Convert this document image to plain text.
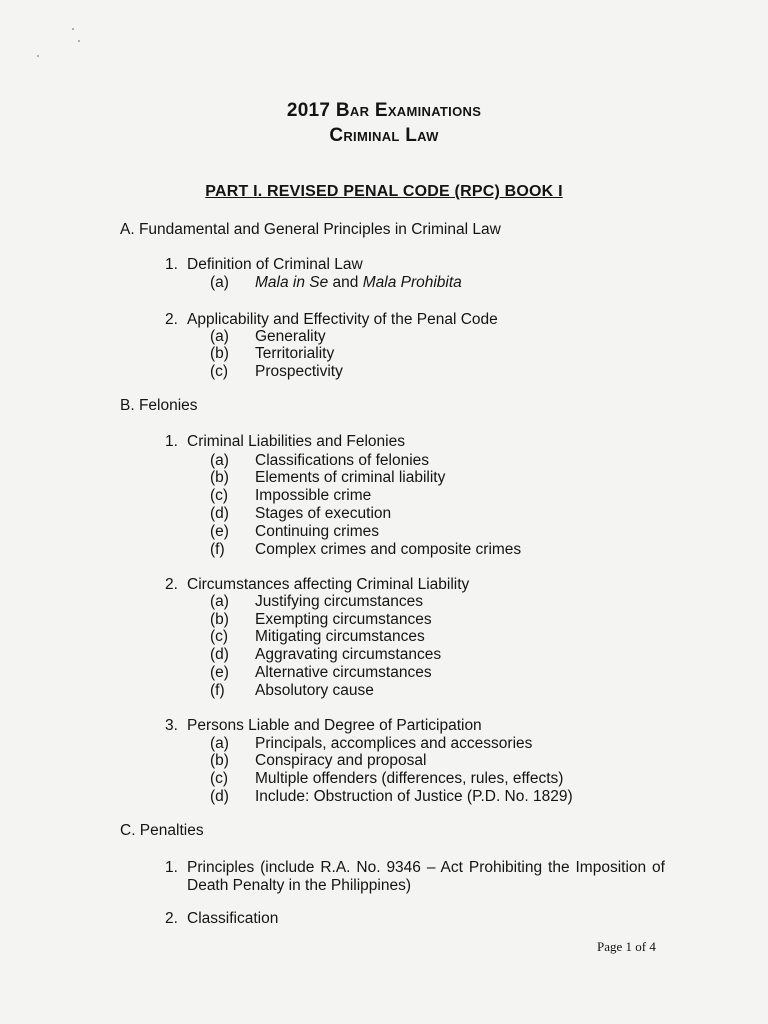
2017 Bar Examinations
Criminal Law
PART I. REVISED PENAL CODE (RPC) BOOK I
A. Fundamental and General Principles in Criminal Law
1. Definition of Criminal Law
(a) Mala in Se and Mala Prohibita
2. Applicability and Effectivity of the Penal Code
(a) Generality
(b) Territoriality
(c) Prospectivity
B. Felonies
1. Criminal Liabilities and Felonies
(a) Classifications of felonies
(b) Elements of criminal liability
(c) Impossible crime
(d) Stages of execution
(e) Continuing crimes
(f) Complex crimes and composite crimes
2. Circumstances affecting Criminal Liability
(a) Justifying circumstances
(b) Exempting circumstances
(c) Mitigating circumstances
(d) Aggravating circumstances
(e) Alternative circumstances
(f) Absolutory cause
3. Persons Liable and Degree of Participation
(a) Principals, accomplices and accessories
(b) Conspiracy and proposal
(c) Multiple offenders (differences, rules, effects)
(d) Include: Obstruction of Justice (P.D. No. 1829)
C. Penalties
1. Principles (include R.A. No. 9346 – Act Prohibiting the Imposition of Death Penalty in the Philippines)
2. Classification
Page 1 of 4
